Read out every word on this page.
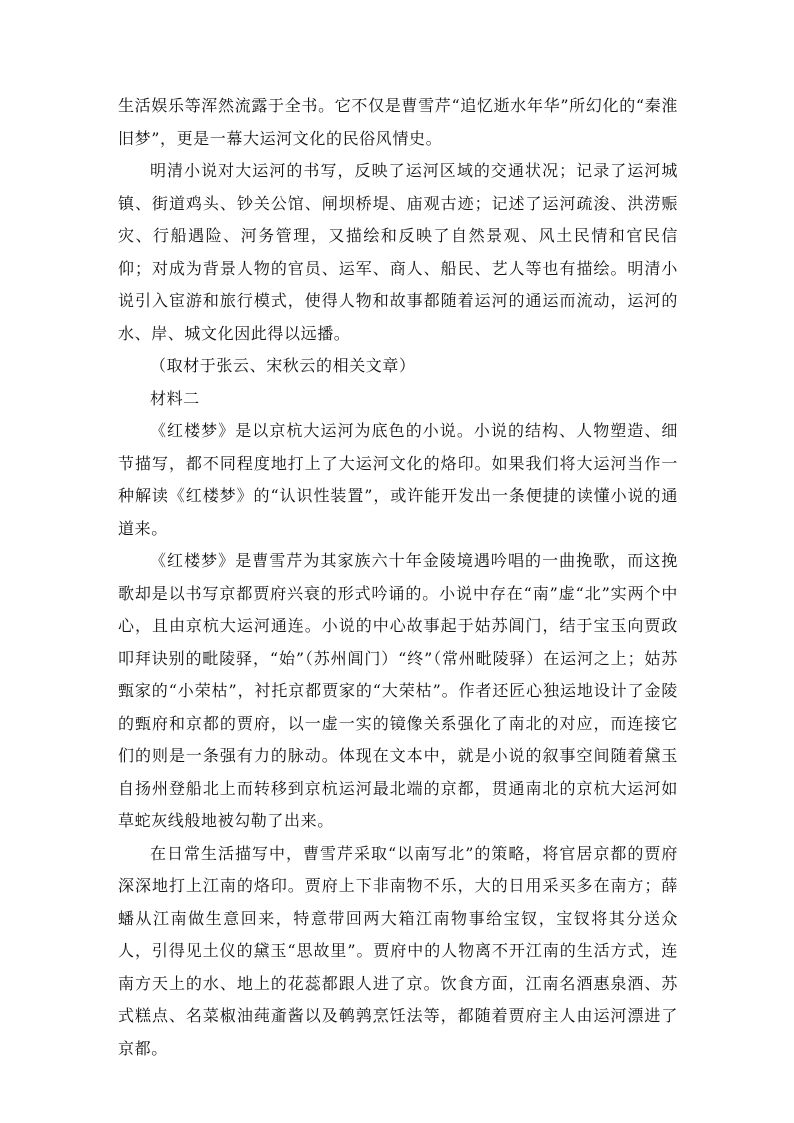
生活娱乐等浑然流露于全书。它不仅是曹雪芹“追忆逝水年华”所幻化的“秦淮旧梦”，更是一幕大运河文化的民俗风情史。

明清小说对大运河的书写，反映了运河区域的交通状况；记录了运河城镇、街道鸡头、钞关公馆、闸坝桥堤、庙观古迹；记述了运河疏浚、洪涝赈灾、行船遇险、河务管理，又描绘和反映了自然景观、风土民情和官民信仰；对成为背景人物的官员、运军、商人、船民、艺人等也有描绘。明清小说引入宦游和旅行模式，使得人物和故事都随着运河的通运而流动，运河的水、岸、城文化因此得以远播。

（取材于张云、宋秋云的相关文章）

材料二

《红楼梦》是以京杭大运河为底色的小说。小说的结构、人物塑造、细节描写，都不同程度地打上了大运河文化的烙印。如果我们将大运河当作一种解读《红楼梦》的“认识性装置”，或许能开发出一条便捷的读懂小说的通道来。

《红楼梦》是曹雪芹为其家族六十年金陵境遇吟唱的一曲挽歌，而这挽歌却是以书写京都贾府兴衰的形式吟诵的。小说中存在“南”虚“北”实两个中心，且由京杭大运河通连。小说的中心故事起于姑苏阊门，结于宝玉向贾政叩拜诀别的毗陵驿，“始”（苏州阊门）“终”（常州毗陵驿）在运河之上；姑苏甄家的“小荣枯”，衬托京都贾家的“大荣枯”。作者还匠心独运地设计了金陵的甄府和京都的贾府，以一虚一实的镜像关系强化了南北的对应，而连接它们的则是一条强有力的脉动。体现在文本中，就是小说的叙事空间随着黛玉自扬州登船北上而转移到京杭运河最北端的京都，贯通南北的京杭大运河如草蛇灰线般地被勾勒了出来。

在日常生活描写中，曹雪芹采取“以南写北”的策略，将官居京都的贾府深深地打上江南的烙印。贾府上下非南物不乐，大的日用采买多在南方；薛蟠从江南做生意回来，特意带回两大箱江南物事给宝钗，宝钗将其分送众人，引得见土仪的黛玉“思故里”。贾府中的人物离不开江南的生活方式，连南方天上的水、地上的花蕊都跟人进了京。饮食方面，江南名酒惠泉酒、苏式糕点、名菜椒油莼齑酱以及鹌鹑烹饪法等，都随着贾府主人由运河漂进了京都。
